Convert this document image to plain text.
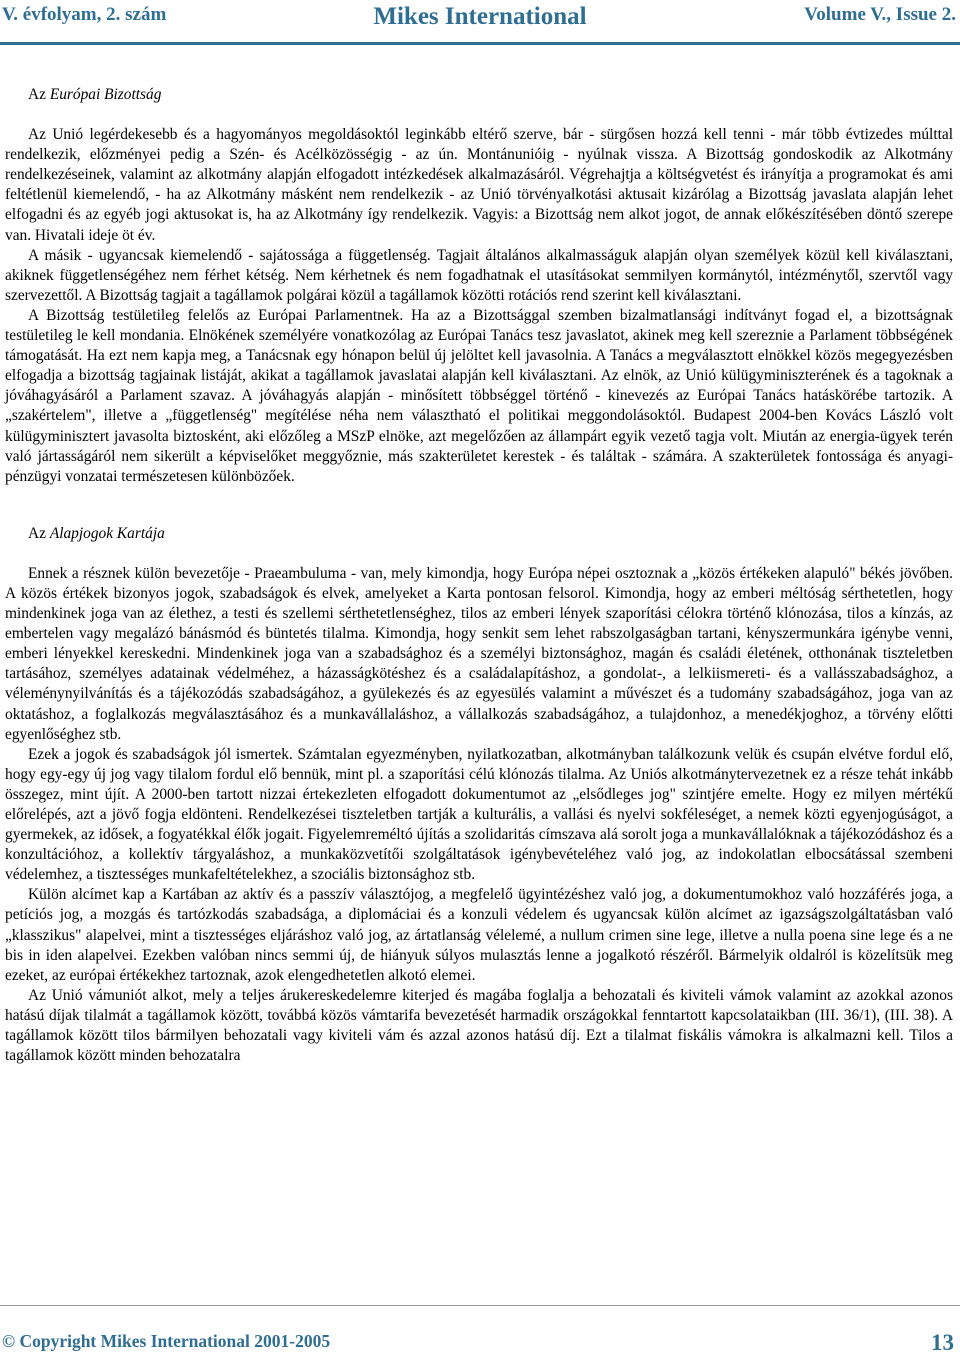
V. évfolyam, 2. szám	Mikes International	Volume V., Issue 2.
Az Európai Bizottság

Az Unió legérdekesebb és a hagyományos megoldásoktól leginkább eltérő szerve, bár - sürgősen hozzá kell tenni - már több évtizedes múlttal rendelkezik, előzményei pedig a Szén- és Acélközösségig - az ún. Montánunióig - nyúlnak vissza. A Bizottság gondoskodik az Alkotmány rendelkezéseinek, valamint az alkotmány alapján elfogadott intézkedések alkalmazásáról. Végrehajtja a költségvetést és irányítja a programokat és ami feltétlenül kiemelendő, - ha az Alkotmány másként nem rendelkezik - az Unió törvényalkotási aktusait kizárólag a Bizottság javaslata alapján lehet elfogadni és az egyéb jogi aktusokat is, ha az Alkotmány így rendelkezik. Vagyis: a Bizottság nem alkot jogot, de annak előkészítésében döntő szerepe van. Hivatali ideje öt év.

A másik - ugyancsak kiemelendő - sajátossága a függetlenség. Tagjait általános alkalmasságuk alapján olyan személyek közül kell kiválasztani, akiknek függetlenségéhez nem férhet kétség. Nem kérhetnek és nem fogadhatnak el utasításokat semmilyen kormánytól, intézménytől, szervtől vagy szervezettől. A Bizottság tagjait a tagállamok polgárai közül a tagállamok közötti rotációs rend szerint kell kiválasztani.

A Bizottság testületileg felelős az Európai Parlamentnek. Ha az a Bizottsággal szemben bizalmatlansági indítványt fogad el, a bizottságnak testületileg le kell mondania. Elnökének személyére vonatkozólag az Európai Tanács tesz javaslatot, akinek meg kell szereznie a Parlament többségének támogatását. Ha ezt nem kapja meg, a Tanácsnak egy hónapon belül új jelöltet kell javasolnia. A Tanács a megválasztott elnökkel közös megegyezésben elfogadja a bizottság tagjainak listáját, akikat a tagállamok javaslatai alapján kell kiválasztani. Az elnök, az Unió külügyminiszterének és a tagoknak a jóváhagyásáról a Parlament szavaz. A jóváhagyás alapján - minősített többséggel történő - kinevezés az Európai Tanács hatáskörébe tartozik. A „szakértelem", illetve a „függetlenség" megítélése néha nem választható el politikai meggondolásoktól. Budapest 2004-ben Kovács László volt külügyminisztert javasolta biztosként, aki előzőleg a MSzP elnöke, azt megelőzően az állampárt egyik vezető tagja volt. Miután az energia-ügyek terén való jártasságáról nem sikerült a képviselőket meggyőznie, más szakterületet kerestek - és találtak - számára. A szakterületek fontossága és anyagi-pénzügyi vonzatai természetesen különbözőek.

Az Alapjogok Kartája

Ennek a résznek külön bevezetője - Praeambuluma - van, mely kimondja, hogy Európa népei osztoznak a „közös értékeken alapuló" békés jövőben. A közös értékek bizonyos jogok, szabadságok és elvek, amelyeket a Karta pontosan felsorol. Kimondja, hogy az emberi méltóság sérthetetlen, hogy mindenkinek joga van az élethez, a testi és szellemi sérthetetlenséghez, tilos az emberi lények szaporítási célokra történő klónozása, tilos a kínzás, az embertelen vagy megalázó bánásmód és büntetés tilalma. Kimondja, hogy senkit sem lehet rabszolgaságban tartani, kényszermunkára igénybe venni, emberi lényekkel kereskedni. Mindenkinek joga van a szabadsághoz és a személyi biztonsághoz, magán és családi életének, otthonának tiszteletben tartásához, személyes adatainak védelméhez, a házasságkötéshez és a családalapításhoz, a gondolat-, a lelkiismereti- és a vallásszabadsághoz, a véleménynyilvánítás és a tájékozódás szabadságához, a gyülekezés és az egyesülés valamint a művészet és a tudomány szabadságához, joga van az oktatáshoz, a foglalkozás megválasztásához és a munkavállaláshoz, a vállalkozás szabadságához, a tulajdonhoz, a menedékjoghoz, a törvény előtti egyenlőséghez stb.

Ezek a jogok és szabadságok jól ismertek. Számtalan egyezményben, nyilatkozatban, alkotmányban találkozunk velük és csupán elvétve fordul elő, hogy egy-egy új jog vagy tilalom fordul elő bennük, mint pl. a szaporítási célú klónozás tilalma. Az Uniós alkotmánytervezetnek ez a része tehát inkább összegez, mint újít. A 2000-ben tartott nizzai értekezleten elfogadott dokumentumot az „elsődleges jog" szintjére emelte. Hogy ez milyen mértékű előrelépés, azt a jövő fogja eldönteni. Rendelkezései tiszteletben tartják a kulturális, a vallási és nyelvi sokféleséget, a nemek közti egyenjogúságot, a gyermekek, az idősek, a fogyatékkal élők jogait. Figyelemreméltó újítás a szolidaritás címszava alá sorolt joga a munkavállalóknak a tájékozódáshoz és a konzultációhoz, a kollektív tárgyaláshoz, a munkaközvetítői szolgáltatások igénybevételéhez való jog, az indokolatlan elbocsátással szembeni védelemhez, a tisztességes munkafeltételekhez, a szociális biztonsághoz stb.

Külön alcímet kap a Kartában az aktív és a passzív választójog, a megfelelő ügyintézéshez való jog, a dokumentumokhoz való hozzáférés joga, a petíciós jog, a mozgás és tartózkodás szabadsága, a diplomáciai és a konzuli védelem és ugyancsak külön alcímet az igazságszolgáltatásban való „klasszikus" alapelvei, mint a tisztességes eljáráshoz való jog, az ártatlanság vélelemé, a nullum crimen sine lege, illetve a nulla poena sine lege és a ne bis in iden alapelvei. Ezekben valóban nincs semmi új, de hiányuk súlyos mulasztás lenne a jogalkotó részéről. Bármelyik oldalról is közelítsük meg ezeket, az európai értékekhez tartoznak, azok elengedhetetlen alkotó elemei.

Az Unió vámuniót alkot, mely a teljes árukereskedelemre kiterjed és magába foglalja a behozatali és kiviteli vámok valamint az azokkal azonos hatású díjak tilalmát a tagállamok között, továbbá közös vámtarifa bevezetését harmadik országokkal fenntartott kapcsolataikban (III. 36/1), (III. 38). A tagállamok között tilos bármilyen behozatali vagy kiviteli vám és azzal azonos hatású díj. Ezt a tilalmat fiskális vámokra is alkalmazni kell. Tilos a tagállamok között minden behozatalra

© Copyright Mikes International 2001-2005	13
